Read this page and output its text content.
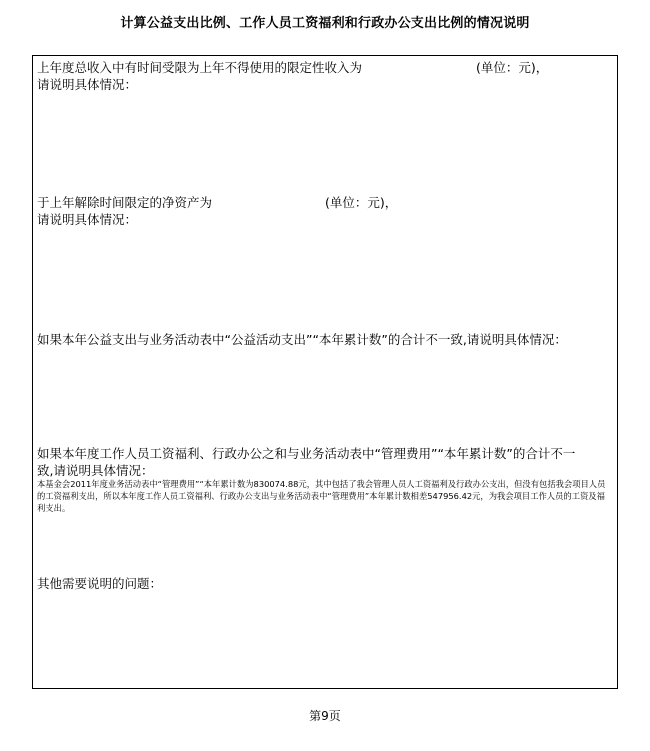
计算公益支出比例、工作人员工资福利和行政办公支出比例的情况说明
上年度总收入中有时间受限为上年不得使用的限定性收入为	(单位：元)，
请说明具体情况：
于上年解除时间限定的净资产为	(单位：元)，
请说明具体情况：
如果本年公益支出与业务活动表中“公益活动支出”“本年累计数”的合计不一致,请说明具体情况：
如果本年度工作人员工资福利、行政办公之和与业务活动表中“管理费用”“本年累计数”的合计不一
致,请说明具体情况：
本基金会2011年度业务活动表中“管理费用”“本年累计数为830074.88元，其中包括了我会管理人员人工资福利及行政办公支出，但没有包括我会项目人员的工资福利支出，所以本年度工作人员工资福利、行政办公支出与业务活动表中“管理费用”本年累计数相差547956.42元，为我会项目工作人员的工资及福利支出。
其他需要说明的问题：
第9页
